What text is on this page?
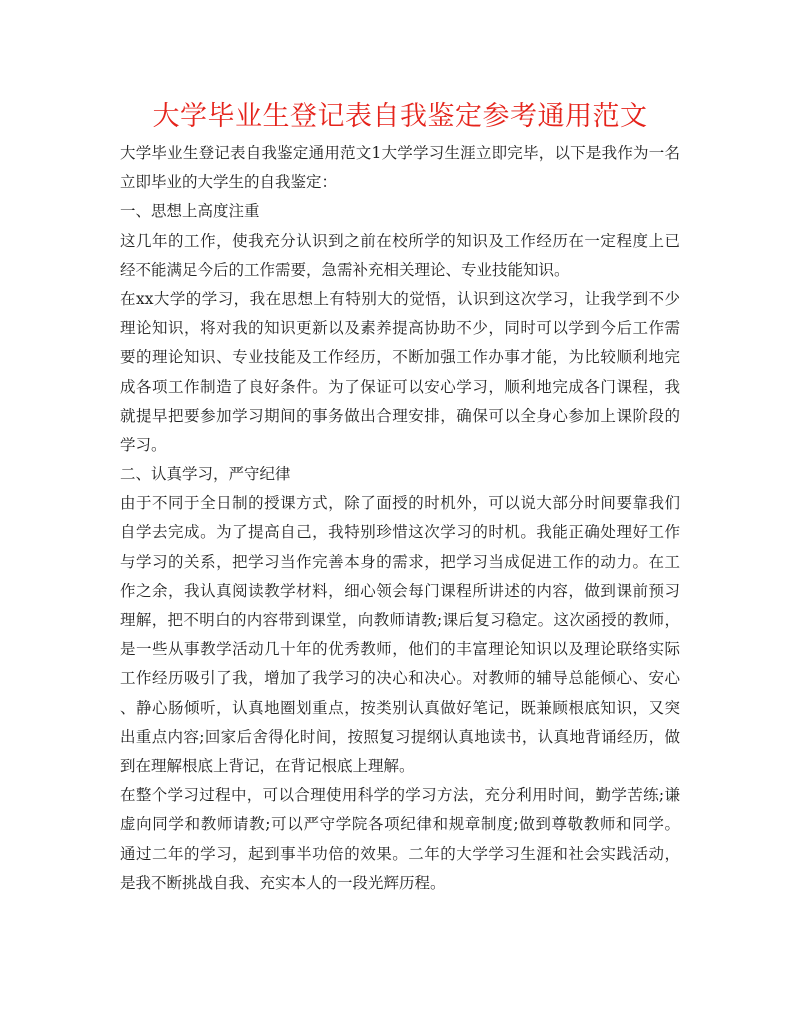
大学毕业生登记表自我鉴定参考通用范文
大学毕业生登记表自我鉴定通用范文1大学学习生涯立即完毕，以下是我作为一名
立即毕业的大学生的自我鉴定：
一、思想上高度注重
这几年的工作，使我充分认识到之前在校所学的知识及工作经历在一定程度上已
经不能满足今后的工作需要，急需补充相关理论、专业技能知识。
在xx大学的学习，我在思想上有特别大的觉悟，认识到这次学习，让我学到不少
理论知识，将对我的知识更新以及素养提高协助不少，同时可以学到今后工作需
要的理论知识、专业技能及工作经历，不断加强工作办事才能，为比较顺利地完
成各项工作制造了良好条件。为了保证可以安心学习，顺利地完成各门课程，我
就提早把要参加学习期间的事务做出合理安排，确保可以全身心参加上课阶段的
学习。
二、认真学习，严守纪律
由于不同于全日制的授课方式，除了面授的时机外，可以说大部分时间要靠我们
自学去完成。为了提高自己，我特别珍惜这次学习的时机。我能正确处理好工作
与学习的关系，把学习当作完善本身的需求，把学习当成促进工作的动力。在工
作之余，我认真阅读教学材料，细心领会每门课程所讲述的内容，做到课前预习
理解，把不明白的内容带到课堂，向教师请教;课后复习稳定。这次函授的教师，
是一些从事教学活动几十年的优秀教师，他们的丰富理论知识以及理论联络实际
工作经历吸引了我，增加了我学习的决心和决心。对教师的辅导总能倾心、安心
、静心肠倾听，认真地圈划重点，按类别认真做好笔记，既兼顾根底知识，又突
出重点内容;回家后舍得化时间，按照复习提纲认真地读书，认真地背诵经历，做
到在理解根底上背记，在背记根底上理解。
在整个学习过程中，可以合理使用科学的学习方法，充分利用时间，勤学苦练;谦
虚向同学和教师请教;可以严守学院各项纪律和规章制度;做到尊敬教师和同学。
通过二年的学习，起到事半功倍的效果。二年的大学学习生涯和社会实践活动，
是我不断挑战自我、充实本人的一段光辉历程。
